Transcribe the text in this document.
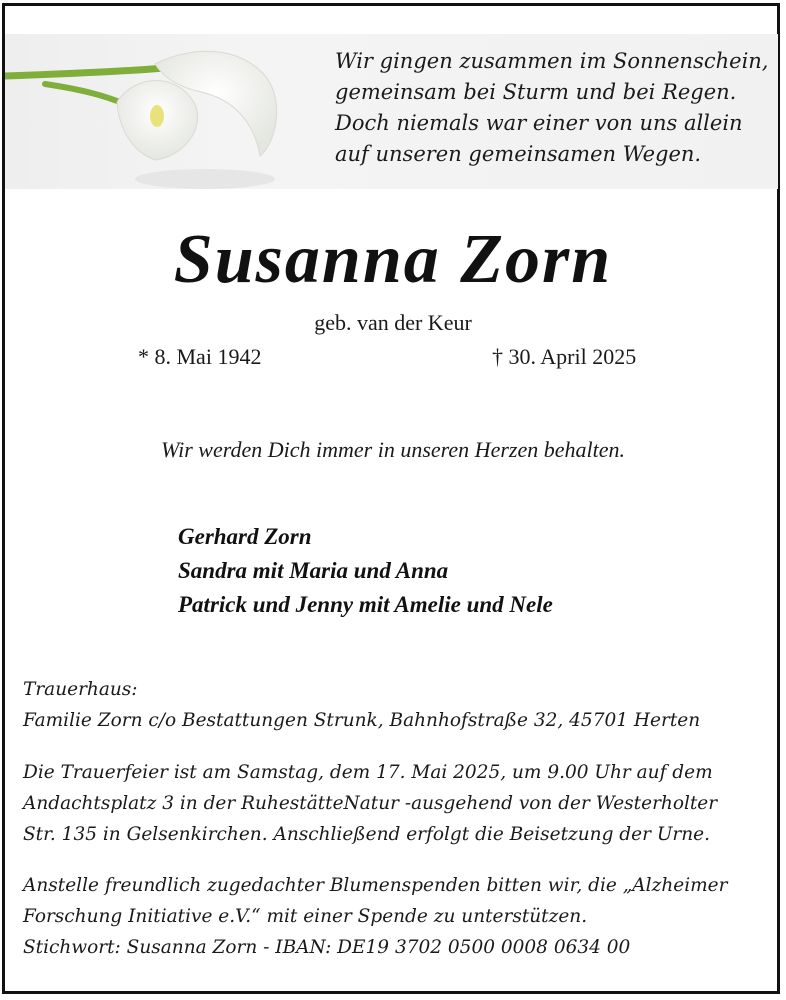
Wir gingen zusammen im Sonnenschein,
gemeinsam bei Sturm und bei Regen.
Doch niemals war einer von uns allein
auf unseren gemeinsamen Wegen.
Susanna Zorn
geb. van der Keur
* 8. Mai 1942	† 30. April 2025
Wir werden Dich immer in unseren Herzen behalten.
Gerhard Zorn
Sandra mit Maria und Anna
Patrick und Jenny mit Amelie und Nele
Trauerhaus:
Familie Zorn c/o Bestattungen Strunk, Bahnhofstraße 32, 45701 Herten
Die Trauerfeier ist am Samstag, dem 17. Mai 2025, um 9.00 Uhr auf dem
Andachtsplatz 3 in der RuhestätteNatur -ausgehend von der Westerholter
Str. 135 in Gelsenkirchen. Anschließend erfolgt die Beisetzung der Urne.
Anstelle freundlich zugedachter Blumenspenden bitten wir, die „Alzheimer
Forschung Initiative e.V.“ mit einer Spende zu unterstützen.
Stichwort: Susanna Zorn - IBAN: DE19 3702 0500 0008 0634 00
